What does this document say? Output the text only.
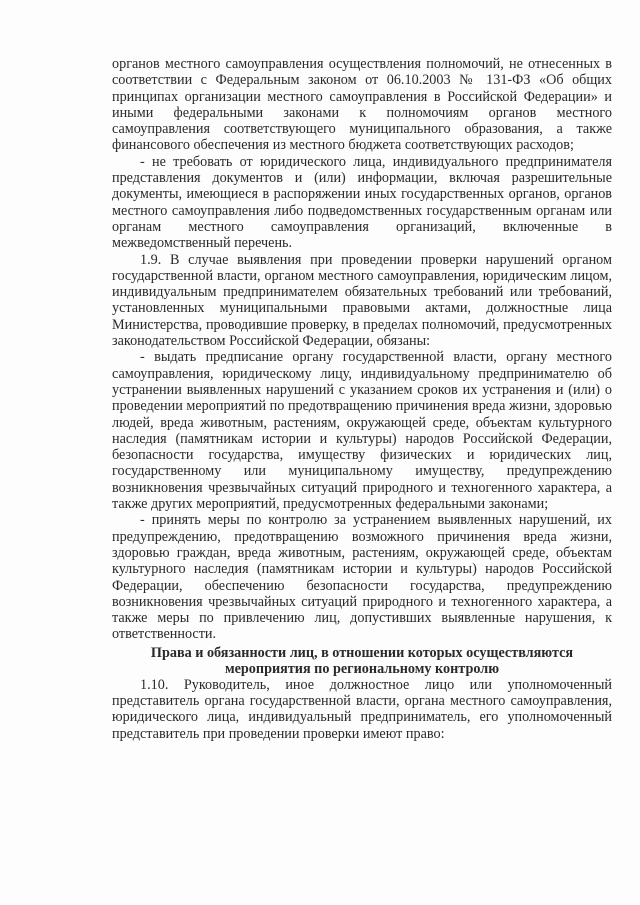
органов местного самоуправления осуществления полномочий, не отнесенных в соответствии с Федеральным законом от 06.10.2003 № 131-ФЗ «Об общих принципах организации местного самоуправления в Российской Федерации» и иными федеральными законами к полномочиям органов местного самоуправления соответствующего муниципального образования, а также финансового обеспечения из местного бюджета соответствующих расходов;

- не требовать от юридического лица, индивидуального предпринимателя представления документов и (или) информации, включая разрешительные документы, имеющиеся в распоряжении иных государственных органов, органов местного самоуправления либо подведомственных государственным органам или органам местного самоуправления организаций, включенные в межведомственный перечень.

1.9. В случае выявления при проведении проверки нарушений органом государственной власти, органом местного самоуправления, юридическим лицом, индивидуальным предпринимателем обязательных требований или требований, установленных муниципальными правовыми актами, должностные лица Министерства, проводившие проверку, в пределах полномочий, предусмотренных законодательством Российской Федерации, обязаны:

- выдать предписание органу государственной власти, органу местного самоуправления, юридическому лицу, индивидуальному предпринимателю об устранении выявленных нарушений с указанием сроков их устранения и (или) о проведении мероприятий по предотвращению причинения вреда жизни, здоровью людей, вреда животным, растениям, окружающей среде, объектам культурного наследия (памятникам истории и культуры) народов Российской Федерации, безопасности государства, имуществу физических и юридических лиц, государственному или муниципальному имуществу, предупреждению возникновения чрезвычайных ситуаций природного и техногенного характера, а также других мероприятий, предусмотренных федеральными законами;

- принять меры по контролю за устранением выявленных нарушений, их предупреждению, предотвращению возможного причинения вреда жизни, здоровью граждан, вреда животным, растениям, окружающей среде, объектам культурного наследия (памятникам истории и культуры) народов Российской Федерации, обеспечению безопасности государства, предупреждению возникновения чрезвычайных ситуаций природного и техногенного характера, а также меры по привлечению лиц, допустивших выявленные нарушения, к ответственности.

Права и обязанности лиц, в отношении которых осуществляются
мероприятия по региональному контролю

1.10. Руководитель, иное должностное лицо или уполномоченный представитель органа государственной власти, органа местного самоуправления, юридического лица, индивидуальный предприниматель, его уполномоченный представитель при проведении проверки имеют право:
